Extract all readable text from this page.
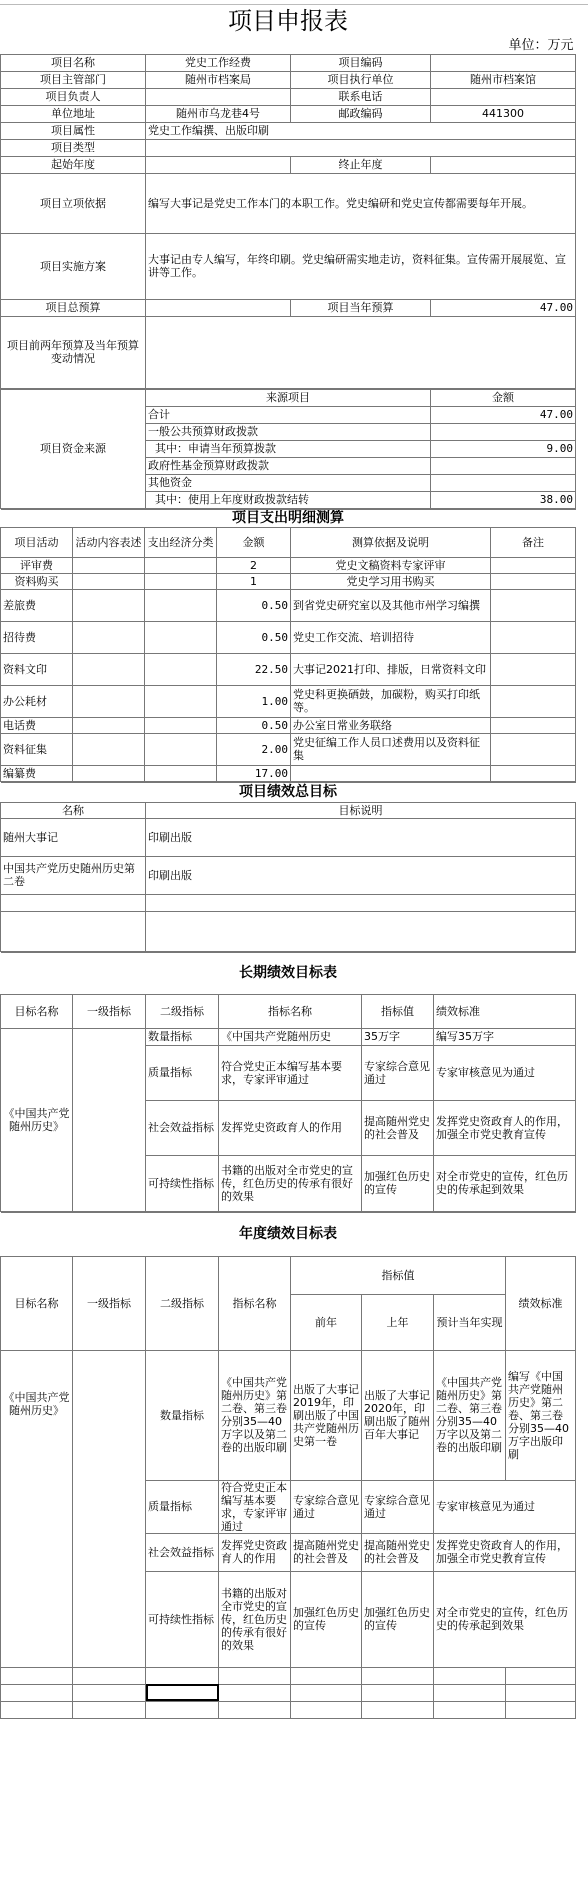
项目申报表			
单位：万元			
项目名称	党史工作经费	项目编码	
项目主管部门	随州市档案局	项目执行单位	随州市档案馆
项目负责人		联系电话	
单位地址	随州市乌龙巷4号	邮政编码	441300
项目属性	党史工作编撰、出版印刷		
项目类型			
起始年度		终止年度	
项目立项依据	编写大事记是党史工作本门的本职工作。党史编研和党史宣传都需要每年开展。		
项目实施方案	大事记由专人编写，年终印刷。党史编研需实地走访，资料征集。宣传需开展展览、宣讲等工作。		
项目总预算		项目当年预算	47.00
项目前两年预算及当年预算变动情况			
项目资金来源	来源项目	金额
	合计	47.00
	一般公共预算财政拨款	
	其中：申请当年预算拨款	9.00
	政府性基金预算财政拨款	
	其他资金	
	其中：使用上年度财政拨款结转	38.00
项目支出明细测算					
项目活动	活动内容表述	支出经济分类	金额	测算依据及说明	备注
评审费			2	党史文稿资料专家评审	
资料购买			1	党史学习用书购买	
差旅费			0.50	到省党史研究室以及其他市州学习编撰	
招待费			0.50	党史工作交流、培训招待	
资料文印			22.50	大事记2021打印、排版，日常资料文印	
办公耗材			1.00	党史科更换硒鼓，加碳粉，购买打印纸等。	
电话费			0.50	办公室日常业务联络	
资料征集			2.00	党史征编工作人员口述费用以及资料征集	
编纂费			17.00		
项目绩效总目标	
名称	目标说明
随州大事记	印刷出版
中国共产党历史随州历史第二卷	印刷出版

长期绩效目标表					
目标名称	一级指标	二级指标	指标名称	指标值	绩效标准
《中国共产党随州历史》		数量指标	《中国共产党随州历史	35万字	编写35万字
		质量指标	符合党史正本编写基本要求，专家评审通过	专家综合意见通过	专家审核意见为通过
		社会效益指标	发挥党史资政育人的作用	提高随州党史的社会普及	发挥党史资政育人的作用，加强全市党史教育宣传
		可持续性指标	书籍的出版对全市党史的宣传，红色历史的传承有很好的效果	加强红色历史的宣传	对全市党史的宣传，红色历史的传承起到效果
年度绩效目标表							
目标名称	一级指标	二级指标	指标名称	指标值			绩效标准
				前年	上年	预计当年实现	
《中国共产党随州历史》		数量指标	《中国共产党随州历史》第二卷、第三卷 分别35—40万字以及第二卷的出版印刷	出版了大事记2019年，印刷出版了中国共产党随州历史第一卷	出版了大事记2020年，印刷出版了随州百年大事记	《中国共产党随州历史》第二卷、第三卷 分别35—40万字以及第二卷的出版印刷	编写《中国共产党随州历史》第二卷、第三卷 分别35—40万字出版印刷
		质量指标	符合党史正本编写基本要求，专家评审通过	专家综合意见通过	专家综合意见通过	专家审核意见为通过	
		社会效益指标	发挥党史资政育人的作用	提高随州党史的社会普及	提高随州党史的社会普及	发挥党史资政育人的作用，加强全市党史教育宣传	
		可持续性指标	书籍的出版对全市党史的宣传，红色历史的传承有很好的效果	加强红色历史的宣传	加强红色历史的宣传	对全市党史的宣传，红色历史的传承起到效果	
